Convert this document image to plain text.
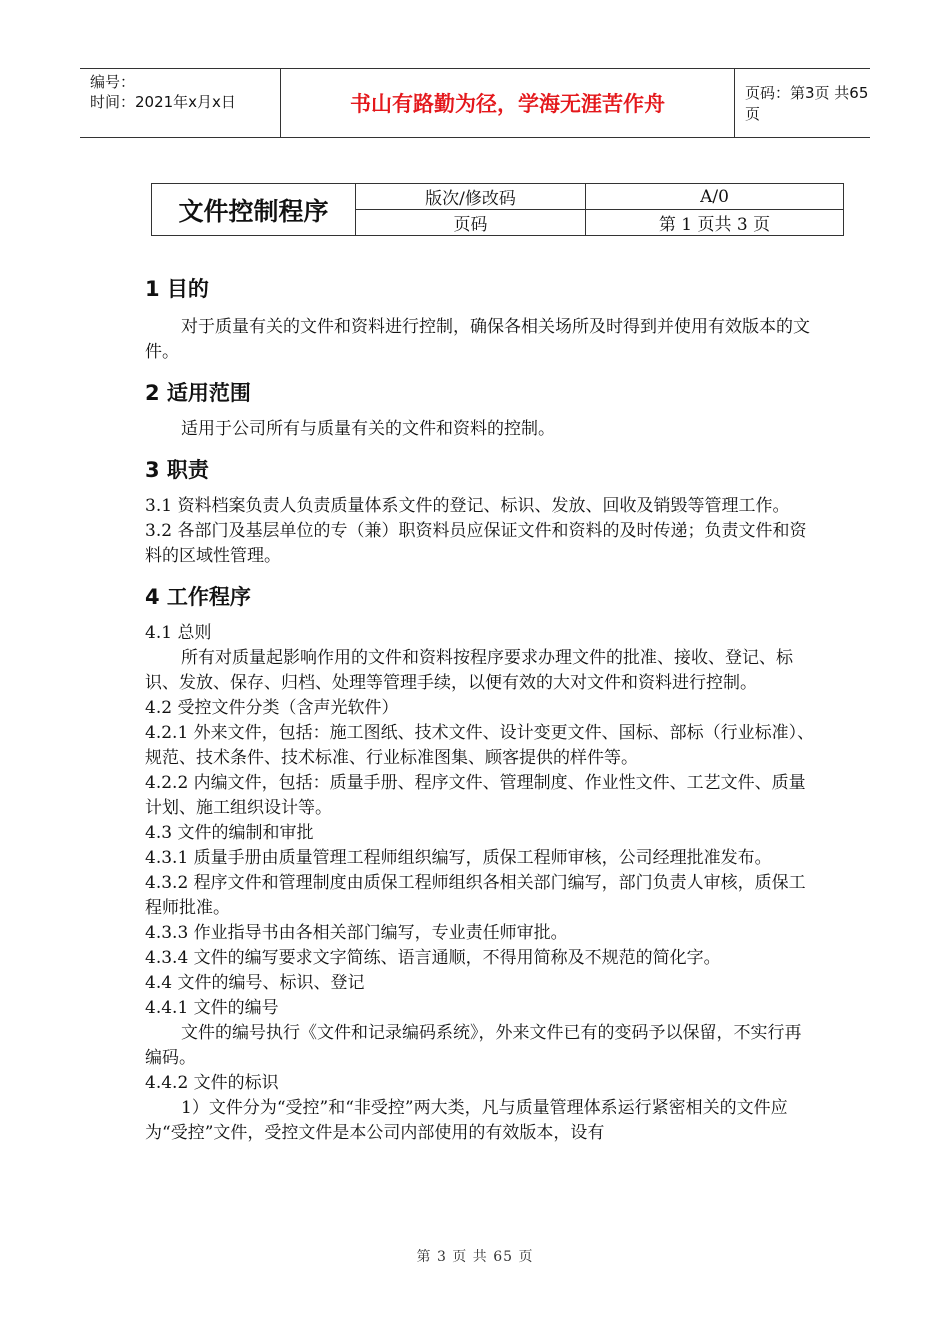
编号：
时间：2021年x月x日	书山有路勤为径，学海无涯苦作舟	页码：第3页 共65页
文件控制程序	版次/修改码	A/0
	页码	第 1 页共 3 页

1 目的

对于质量有关的文件和资料进行控制，确保各相关场所及时得到并使用有效版本的文件。

2 适用范围

适用于公司所有与质量有关的文件和资料的控制。

3 职责

3.1 资料档案负责人负责质量体系文件的登记、标识、发放、回收及销毁等管理工作。

3.2 各部门及基层单位的专（兼）职资料员应保证文件和资料的及时传递；负责文件和资料的区域性管理。

4 工作程序

4.1 总则

所有对质量起影响作用的文件和资料按程序要求办理文件的批准、接收、登记、标识、发放、保存、归档、处理等管理手续，以便有效的大对文件和资料进行控制。

4.2 受控文件分类（含声光软件）

4.2.1 外来文件，包括：施工图纸、技术文件、设计变更文件、国标、部标（行业标准）、规范、技术条件、技术标准、行业标准图集、顾客提供的样件等。

4.2.2 内编文件，包括：质量手册、程序文件、管理制度、作业性文件、工艺文件、质量计划、施工组织设计等。

4.3 文件的编制和审批

4.3.1 质量手册由质量管理工程师组织编写，质保工程师审核，公司经理批准发布。

4.3.2 程序文件和管理制度由质保工程师组织各相关部门编写，部门负责人审核，质保工程师批准。

4.3.3 作业指导书由各相关部门编写，专业责任师审批。

4.3.4 文件的编写要求文字简练、语言通顺，不得用简称及不规范的简化字。

4.4 文件的编号、标识、登记

4.4.1 文件的编号

文件的编号执行《文件和记录编码系统》，外来文件已有的变码予以保留，不实行再编码。

4.4.2 文件的标识

1）文件分为“受控”和“非受控”两大类，凡与质量管理体系运行紧密相关的文件应为“受控”文件，受控文件是本公司内部使用的有效版本，设有

第 3 页 共 65 页
